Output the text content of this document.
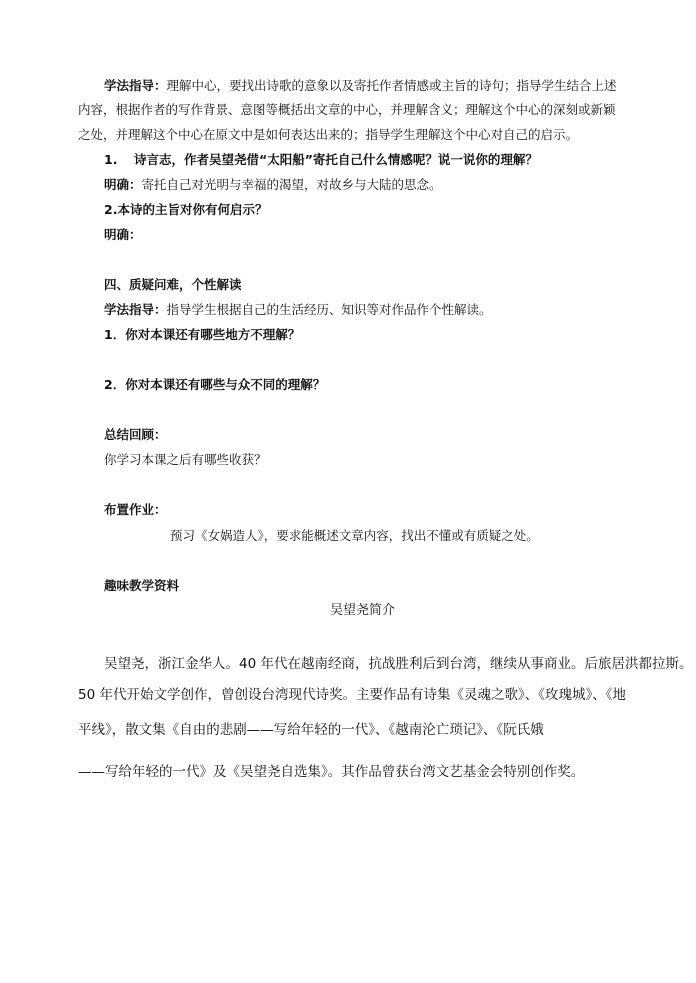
学法指导：理解中心，要找出诗歌的意象以及寄托作者情感或主旨的诗句；指导学生结合上述
内容，根据作者的写作背景、意图等概括出文章的中心，并理解含义；理解这个中心的深刻或新颖
之处，并理解这个中心在原文中是如何表达出来的；指导学生理解这个中心对自己的启示。
1. 诗言志，作者吴望尧借“太阳船”寄托自己什么情感呢？说一说你的理解？
明确：寄托自己对光明与幸福的渴望，对故乡与大陆的思念。
2.本诗的主旨对你有何启示？
明确：
四、质疑问难，个性解读
学法指导：指导学生根据自己的生活经历、知识等对作品作个性解读。
1．你对本课还有哪些地方不理解？
2．你对本课还有哪些与众不同的理解？
总结回顾：
你学习本课之后有哪些收获？
布置作业：
预习《女娲造人》，要求能概述文章内容，找出不懂或有质疑之处。
趣味教学资料
吴望尧简介
吴望尧，浙江金华人。40 年代在越南经商，抗战胜利后到台湾，继续从事商业。后旅居洪都拉斯。
50 年代开始文学创作，曾创设台湾现代诗奖。主要作品有诗集《灵魂之歌》、《玫瑰城》、《地
平线》，散文集《自由的悲剧——写给年轻的一代》、《越南沦亡琐记》、《阮氏娥
——写给年轻的一代》及《吴望尧自选集》。其作品曾获台湾文艺基金会特别创作奖。
